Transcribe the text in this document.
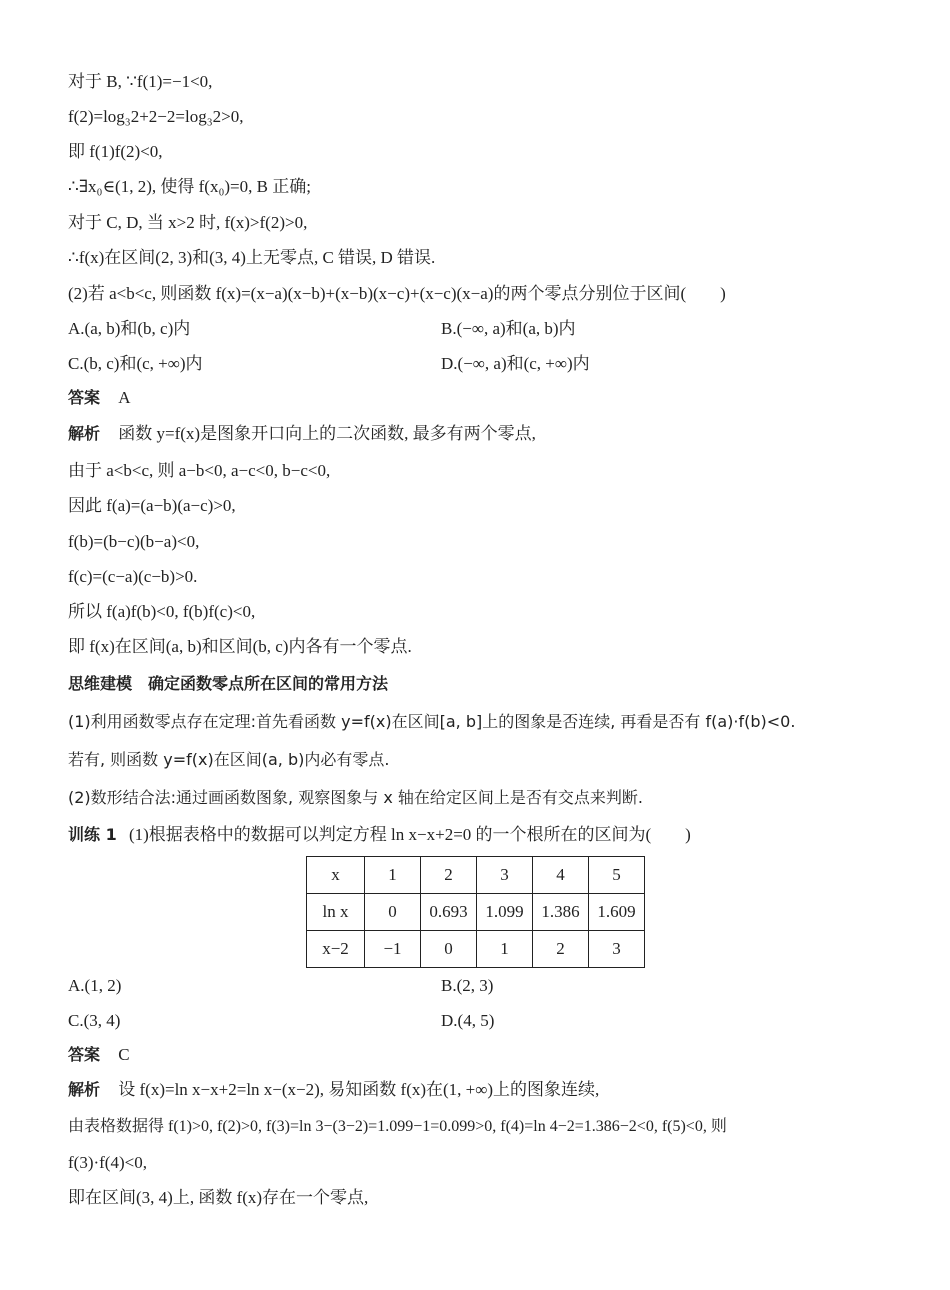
对于 B, ∵f(1)=−1<0,
f(2)=log₃2+2−2=log₃2>0,
即 f(1)f(2)<0,
∴∃x₀∈(1, 2), 使得 f(x₀)=0, B 正确;
对于 C, D, 当 x>2 时, f(x)>f(2)>0,
∴f(x)在区间(2, 3)和(3, 4)上无零点, C 错误, D 错误.
(2)若 a<b<c, 则函数 f(x)=(x−a)(x−b)+(x−b)(x−c)+(x−c)(x−a)的两个零点分别位于区间(　　)
A.(a, b)和(b, c)内	B.(−∞, a)和(a, b)内
C.(b, c)和(c, +∞)内	D.(−∞, a)和(c, +∞)内
答案 A
解析 函数 y=f(x)是图象开口向上的二次函数, 最多有两个零点,
由于 a<b<c, 则 a−b<0, a−c<0, b−c<0,
因此 f(a)=(a−b)(a−c)>0,
f(b)=(b−c)(b−a)<0,
f(c)=(c−a)(c−b)>0.
所以 f(a)f(b)<0, f(b)f(c)<0,
即 f(x)在区间(a, b)和区间(b, c)内各有一个零点.
思维建模　确定函数零点所在区间的常用方法
(1)利用函数零点存在定理:首先看函数 y=f(x)在区间[a, b]上的图象是否连续, 再看是否有 f(a)·f(b)<0.
若有, 则函数 y=f(x)在区间(a, b)内必有零点.
(2)数形结合法:通过画函数图象, 观察图象与 x 轴在给定区间上是否有交点来判断.
训练 1 (1)根据表格中的数据可以判定方程 ln x−x+2=0 的一个根所在的区间为(　　)
x	1	2	3	4	5
ln x	0	0.693	1.099	1.386	1.609
x−2	−1	0	1	2	3
A.(1, 2)	B.(2, 3)
C.(3, 4)	D.(4, 5)
答案 C
解析 设 f(x)=ln x−x+2=ln x−(x−2), 易知函数 f(x)在(1, +∞)上的图象连续,
由表格数据得 f(1)>0, f(2)>0, f(3)=ln 3−(3−2)=1.099−1=0.099>0, f(4)=ln 4−2=1.386−2<0, f(5)<0, 则
f(3)·f(4)<0,
即在区间(3, 4)上, 函数 f(x)存在一个零点,
